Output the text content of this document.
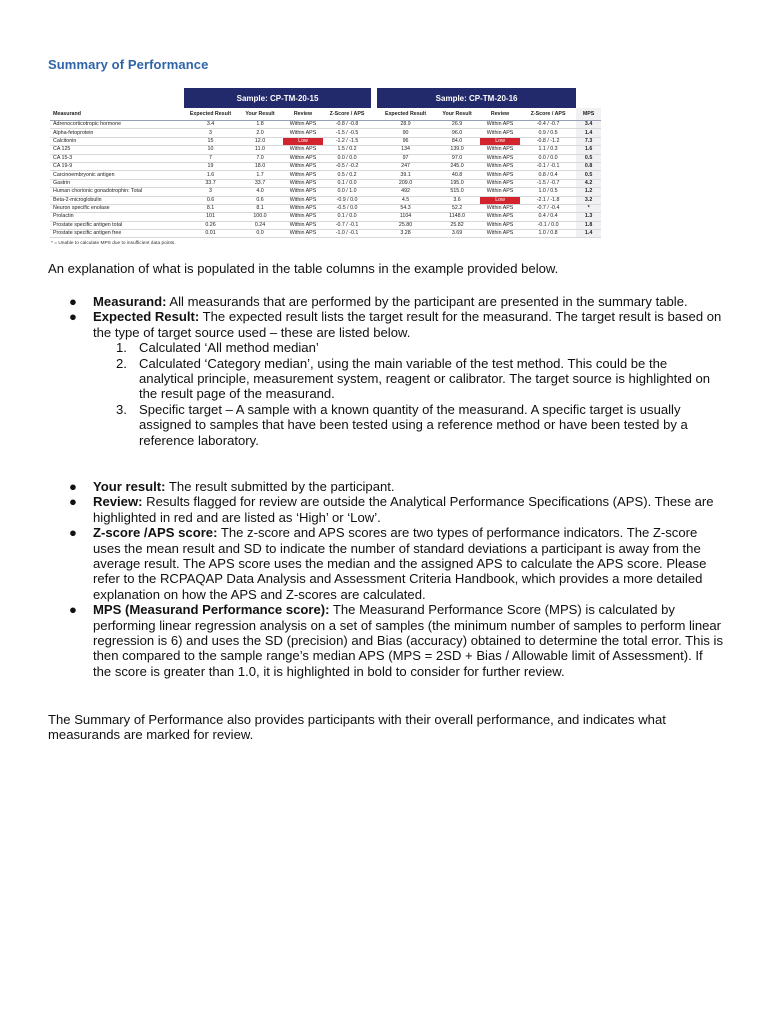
Summary of Performance
	Sample: CP-TM-20-15					Sample: CP-TM-20-16				
Measurand	Expected Result	Your Result	Review	Z-Score / APS		Expected Result	Your Result	Review	Z-Score / APS	MPS
Adrenocorticotropic hormone	3.4	1.8	Within APS	-0.8 / -0.8		28.9	26.9	Within APS	-0.4 / -0.7	3.4
Alpha-fetoprotein	3	2.0	Within APS	-1.5 / -0.5		90	96.0	Within APS	0.9 / 0.5	1.4
Calcitonin	15	12.0	Low	-1.2 / -1.5		96	84.0	Low	-0.8 / -1.2	7.3
CA 125	10	11.0	Within APS	1.5 / 0.2		134	139.0	Within APS	1.1 / 0.3	1.6
CA 15-3	7	7.0	Within APS	0.0 / 0.0		97	97.0	Within APS	0.0 / 0.0	0.5
CA 19-9	19	18.0	Within APS	-0.5 / -0.2		247	245.0	Within APS	-0.1 / -0.1	0.8
Carcinoembryonic antigen	1.6	1.7	Within APS	0.5 / 0.2		39.1	40.8	Within APS	0.8 / 0.4	0.5
Gastrin	33.7	33.7	Within APS	0.1 / 0.0		209.0	195.0	Within APS	-1.5 / -0.7	4.2
Human chorionic gonadotrophin: Total	3	4.0	Within APS	0.0 / 1.0		492	515.0	Within APS	1.0 / 0.5	1.2
Beta-2-microglobulin	0.6	0.6	Within APS	-0.9 / 0.0		4.5	3.6	Low	-2.1 / -1.8	3.2
Neuron specific enolase	8.1	8.1	Within APS	-0.5 / 0.0		54.3	52.2	Within APS	-0.7 / -0.4	*
Prolactin	101	100.0	Within APS	0.1 / 0.0		1104	1148.0	Within APS	0.4 / 0.4	1.3
Prostate specific antigen total	0.26	0.24	Within APS	-0.7 / -0.1		25.80	25.82	Within APS	-0.1 / 0.0	1.8
Prostate specific antigen free	0.01	0.0	Within APS	-1.0 / -0.1		3.28	3.69	Within APS	1.0 / 0.8	1.4
* = Unable to calculate MPS due to insufficient data points.
An explanation of what is populated in the table columns in the example provided below.
● Measurand: All measurands that are performed by the participant are presented in the summary table.
● Expected Result: The expected result lists the target result for the measurand. The target result is based on the type of target source used – these are listed below.
1. Calculated ‘All method median’
2. Calculated ‘Category median’, using the main variable of the test method. This could be the analytical principle, measurement system, reagent or calibrator. The target source is highlighted on the result page of the measurand.
3. Specific target – A sample with a known quantity of the measurand. A specific target is usually assigned to samples that have been tested using a reference method or have been tested by a reference laboratory.
● Your result: The result submitted by the participant.
● Review: Results flagged for review are outside the Analytical Performance Specifications (APS). These are highlighted in red and are listed as ‘High’ or ‘Low’.
● Z-score /APS score: The z-score and APS scores are two types of performance indicators. The Z-score uses the mean result and SD to indicate the number of standard deviations a participant is away from the average result. The APS score uses the median and the assigned APS to calculate the APS score. Please refer to the RCPAQAP Data Analysis and Assessment Criteria Handbook, which provides a more detailed explanation on how the APS and Z-scores are calculated.
● MPS (Measurand Performance score): The Measurand Performance Score (MPS) is calculated by performing linear regression analysis on a set of samples (the minimum number of samples to perform linear regression is 6) and uses the SD (precision) and Bias (accuracy) obtained to determine the total error. This is then compared to the sample range’s median APS (MPS = 2SD + Bias / Allowable limit of Assessment). If the score is greater than 1.0, it is highlighted in bold to consider for further review.
The Summary of Performance also provides participants with their overall performance, and indicates what measurands are marked for review.
